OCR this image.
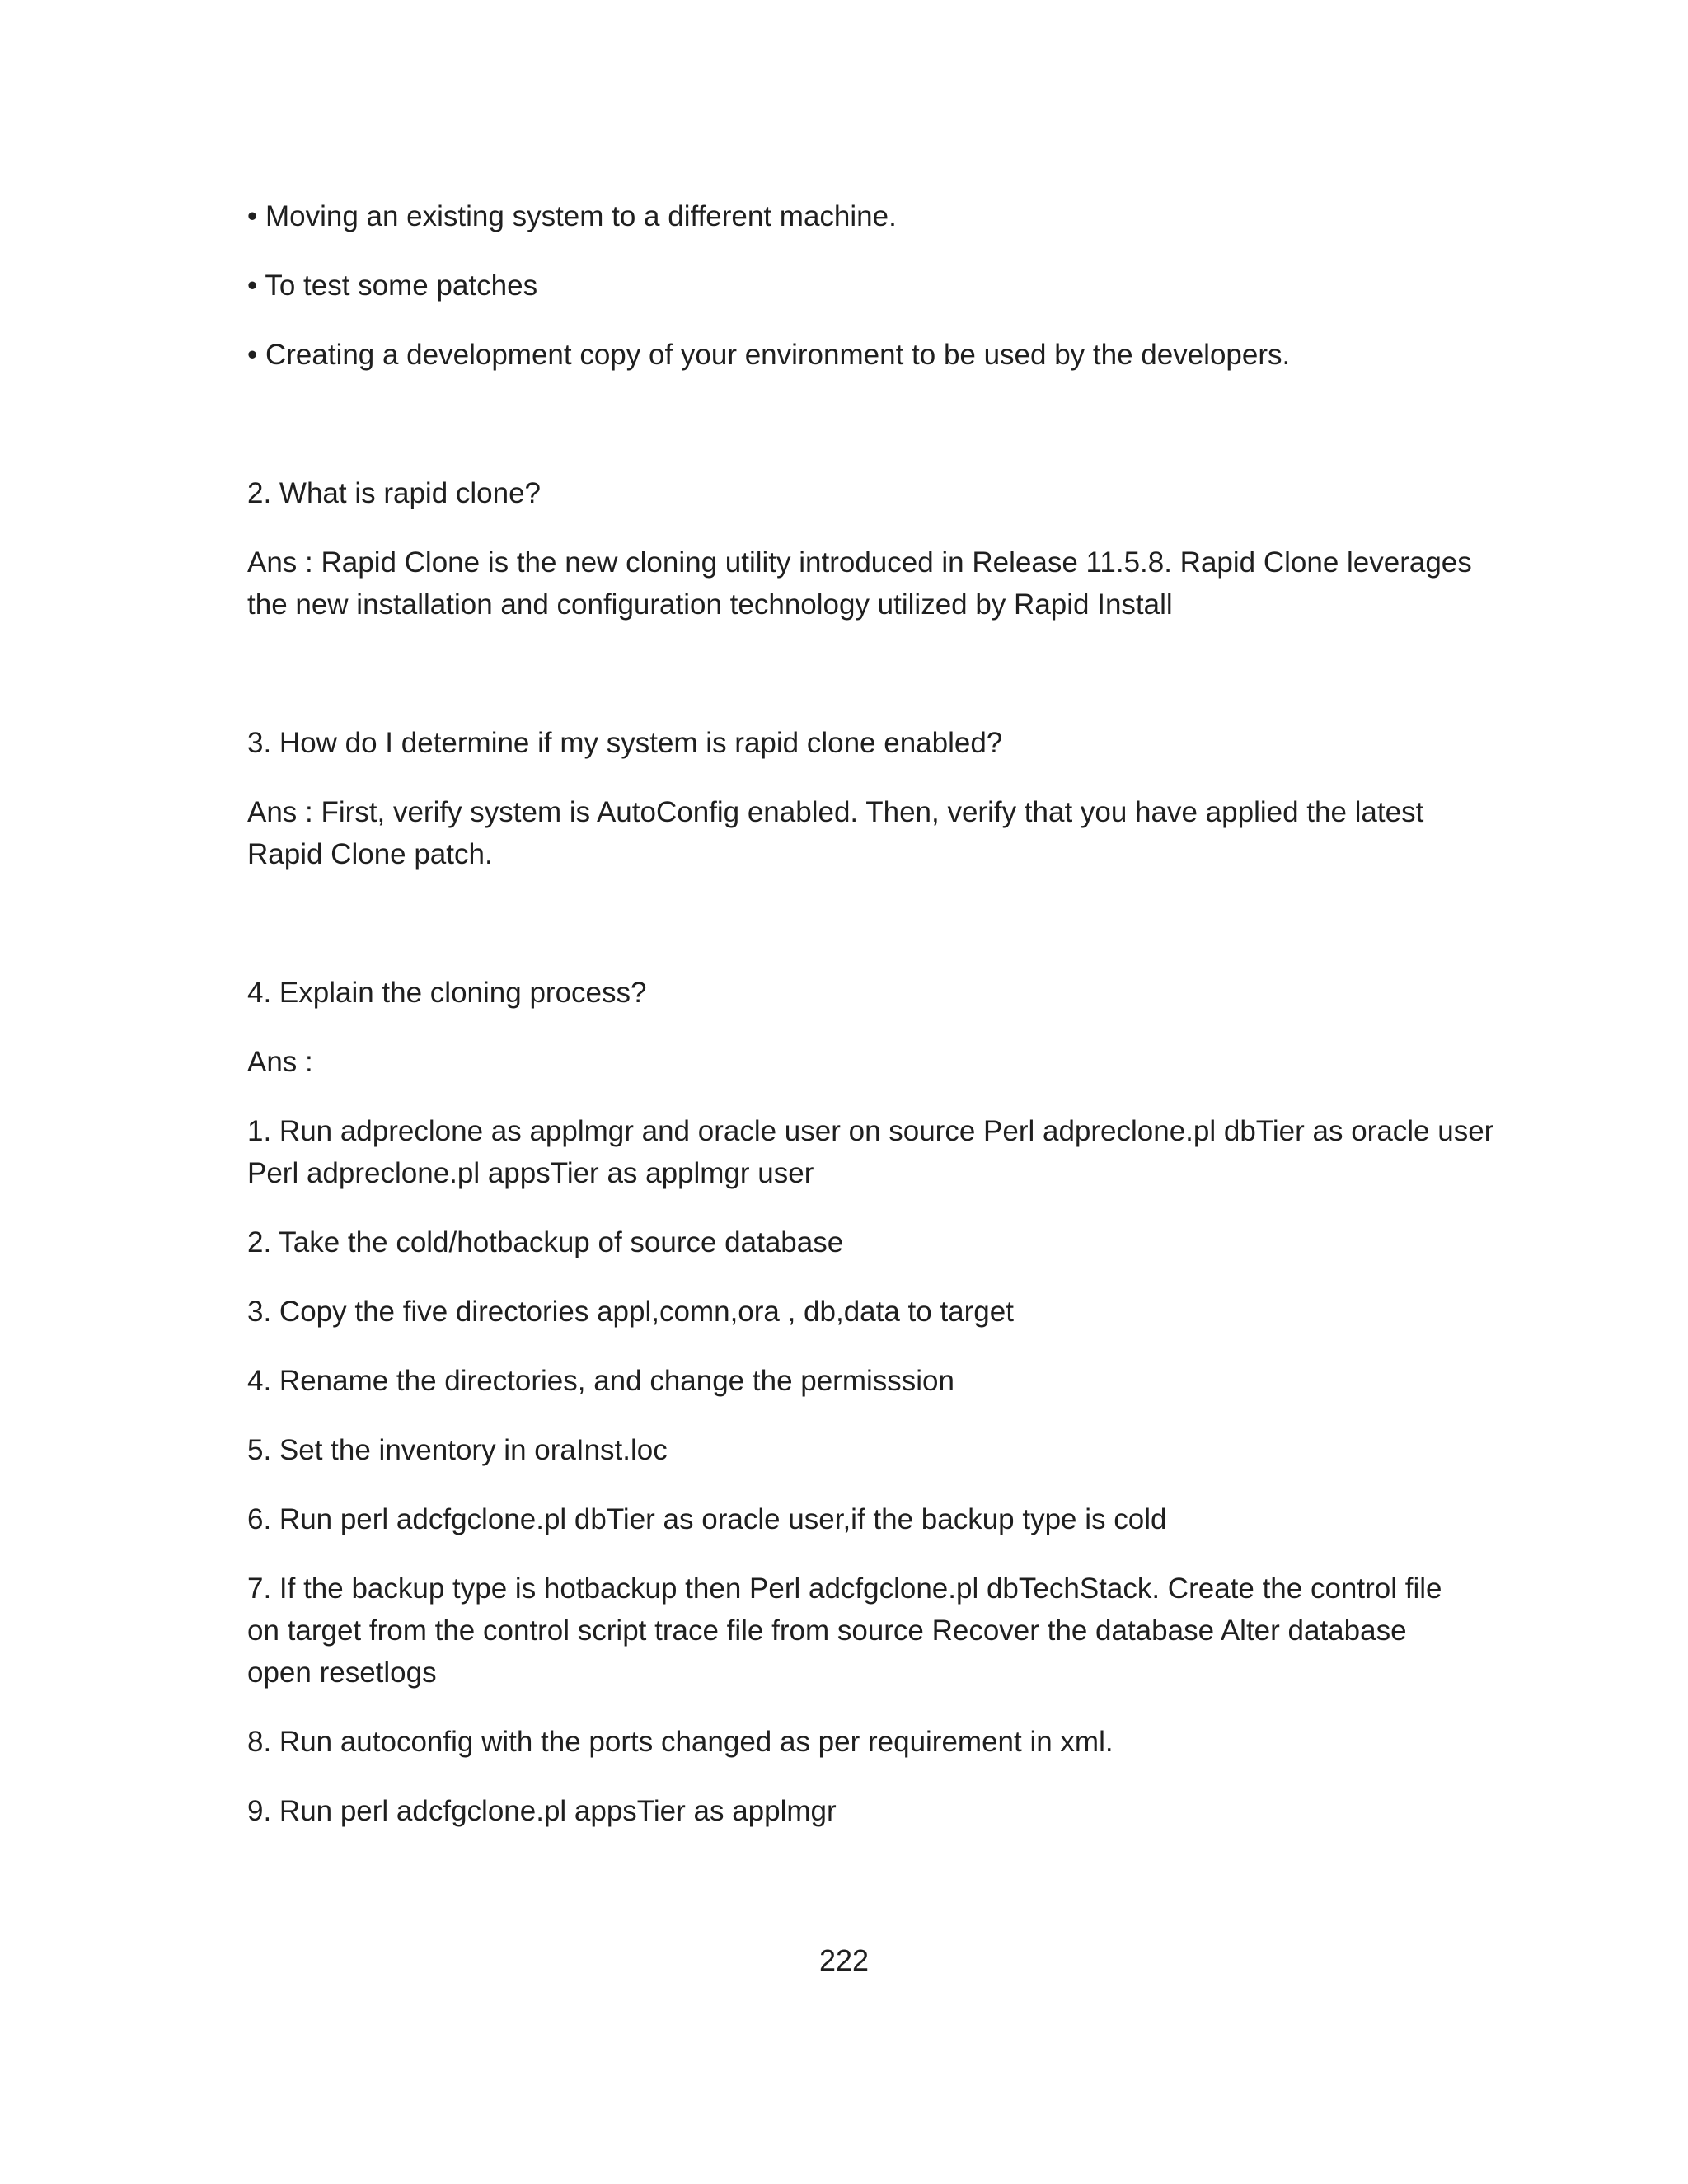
• Moving an existing system to a different machine.
• To test some patches
• Creating a development copy of your environment to be used by the developers.
2. What is rapid clone?
Ans : Rapid Clone is the new cloning utility introduced in Release 11.5.8. Rapid Clone leverages
the new installation and configuration technology utilized by Rapid Install
3. How do I determine if my system is rapid clone enabled?
Ans : First, verify system is AutoConfig enabled. Then, verify that you have applied the latest
Rapid Clone patch.
4. Explain the cloning process?
Ans :
1. Run adpreclone as applmgr and oracle user on source Perl adpreclone.pl dbTier as oracle user
Perl adpreclone.pl appsTier as applmgr user
2. Take the cold/hotbackup of source database
3. Copy the five directories appl,comn,ora , db,data to target
4. Rename the directories, and change the permisssion
5. Set the inventory in oraInst.loc
6. Run perl adcfgclone.pl dbTier as oracle user,if the backup type is cold
7. If the backup type is hotbackup then Perl adcfgclone.pl dbTechStack. Create the control file
on target from the control script trace file from source Recover the database Alter database
open resetlogs
8. Run autoconfig with the ports changed as per requirement in xml.
9. Run perl adcfgclone.pl appsTier as applmgr
222
